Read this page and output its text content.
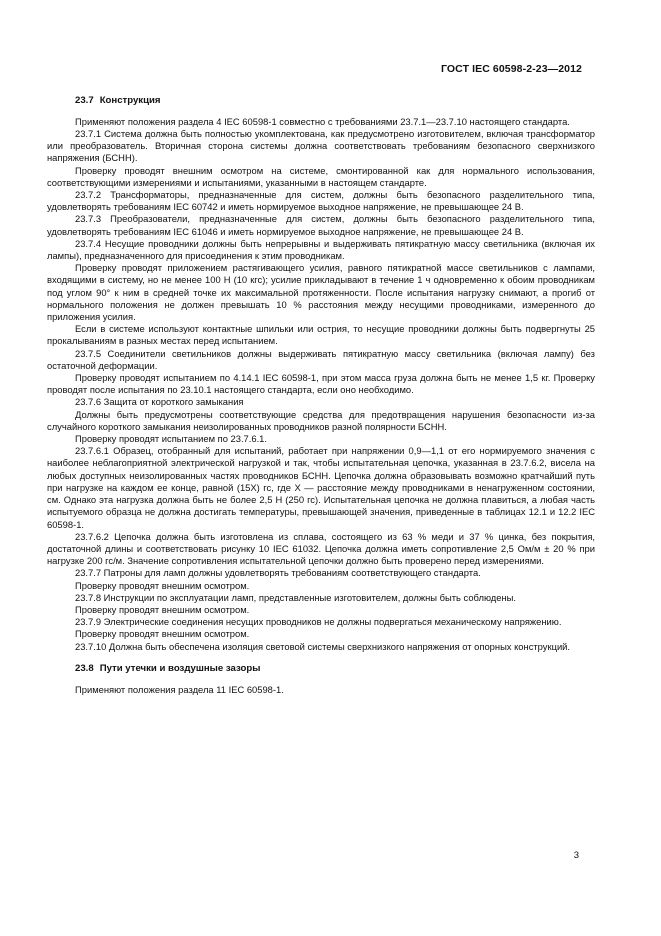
ГОСТ IEC 60598-2-23—2012
23.7 Конструкция

Применяют положения раздела 4 IEC 60598-1 совместно с требованиями 23.7.1—23.7.10 настоящего стандарта.

23.7.1 Система должна быть полностью укомплектована, как предусмотрено изготовителем, включая трансформатор или преобразователь. Вторичная сторона системы должна соответствовать требованиям безопасного сверхнизкого напряжения (БСНН).

Проверку проводят внешним осмотром на системе, смонтированной как для нормального использования, соответствующими измерениями и испытаниями, указанными в настоящем стандарте.

23.7.2 Трансформаторы, предназначенные для систем, должны быть безопасного разделительного типа, удовлетворять требованиям IEC 60742 и иметь нормируемое выходное напряжение, не превышающее 24 В.

23.7.3 Преобразователи, предназначенные для систем, должны быть безопасного разделительного типа, удовлетворять требованиям IEC 61046 и иметь нормируемое выходное напряжение, не превышающее 24 В.

23.7.4 Несущие проводники должны быть непрерывны и выдерживать пятикратную массу светильника (включая их лампы), предназначенного для присоединения к этим проводникам.

Проверку проводят приложением растягивающего усилия, равного пятикратной массе светильников с лампами, входящими в систему, но не менее 100 Н (10 кгс); усилие прикладывают в течение 1 ч одновременно к обоим проводникам под углом 90° к ним в средней точке их максимальной протяженности. После испытания нагрузку снимают, а прогиб от нормального положения не должен превышать 10 % расстояния между несущими проводниками, измеренного до приложения усилия.

Если в системе используют контактные шпильки или острия, то несущие проводники должны быть подвергнуты 25 прокалываниям в разных местах перед испытанием.

23.7.5 Соединители светильников должны выдерживать пятикратную массу светильника (включая лампу) без остаточной деформации.

Проверку проводят испытанием по 4.14.1 IEC 60598-1, при этом масса груза должна быть не менее 1,5 кг. Проверку проводят после испытания по 23.10.1 настоящего стандарта, если оно необходимо.

23.7.6 Защита от короткого замыкания

Должны быть предусмотрены соответствующие средства для предотвращения нарушения безопасности из-за случайного короткого замыкания неизолированных проводников разной полярности БСНН.

Проверку проводят испытанием по 23.7.6.1.

23.7.6.1 Образец, отобранный для испытаний, работает при напряжении 0,9—1,1 от его нормируемого значения с наиболее неблагоприятной электрической нагрузкой и так, чтобы испытательная цепочка, указанная в 23.7.6.2, висела на любых доступных неизолированных частях проводников БСНН. Цепочка должна образовывать возможно кратчайший путь при нагрузке на каждом ее конце, равной (15X) гс, где X — расстояние между проводниками в ненагруженном состоянии, см. Однако эта нагрузка должна быть не более 2,5 Н (250 гс). Испытательная цепочка не должна плавиться, а любая часть испытуемого образца не должна достигать температуры, превышающей значения, приведенные в таблицах 12.1 и 12.2 IEC 60598-1.

23.7.6.2 Цепочка должна быть изготовлена из сплава, состоящего из 63 % меди и 37 % цинка, без покрытия, достаточной длины и соответствовать рисунку 10 IEC 61032. Цепочка должна иметь сопротивление 2,5 Ом/м ± 20 % при нагрузке 200 гс/м. Значение сопротивления испытательной цепочки должно быть проверено перед измерениями.

23.7.7 Патроны для ламп должны удовлетворять требованиям соответствующего стандарта.

Проверку проводят внешним осмотром.

23.7.8 Инструкции по эксплуатации ламп, представленные изготовителем, должны быть соблюдены.

Проверку проводят внешним осмотром.

23.7.9 Электрические соединения несущих проводников не должны подвергаться механическому напряжению.

Проверку проводят внешним осмотром.

23.7.10 Должна быть обеспечена изоляция световой системы сверхнизкого напряжения от опорных конструкций.

23.8 Пути утечки и воздушные зазоры

Применяют положения раздела 11 IEC 60598-1.

3
